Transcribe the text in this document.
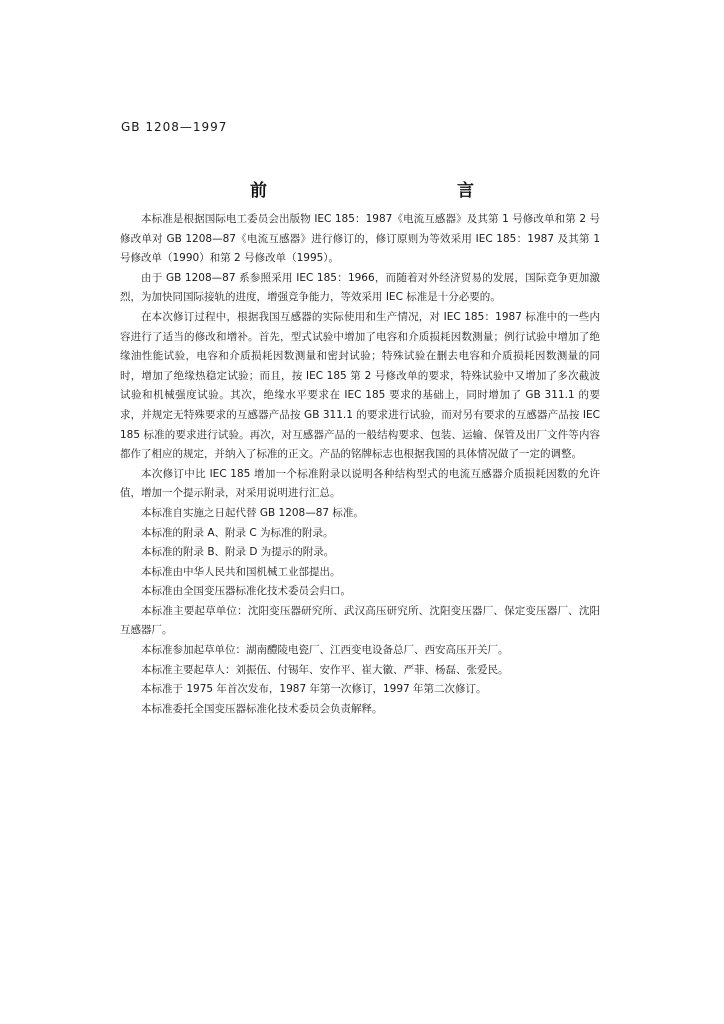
GB 1208—1997
前　　言

本标准是根据国际电工委员会出版物 IEC 185：1987《电流互感器》及其第 1 号修改单和第 2 号修改单对 GB 1208—87《电流互感器》进行修订的，修订原则为等效采用 IEC 185：1987 及其第 1 号修改单（1990）和第 2 号修改单（1995）。

由于 GB 1208—87 系参照采用 IEC 185：1966，而随着对外经济贸易的发展，国际竞争更加激烈，为加快同国际接轨的进度，增强竞争能力，等效采用 IEC 标准是十分必要的。

在本次修订过程中，根据我国互感器的实际使用和生产情况，对 IEC 185：1987 标准中的一些内容进行了适当的修改和增补。首先，型式试验中增加了电容和介质损耗因数测量；例行试验中增加了绝缘油性能试验，电容和介质损耗因数测量和密封试验；特殊试验在删去电容和介质损耗因数测量的同时，增加了绝缘热稳定试验；而且，按 IEC 185 第 2 号修改单的要求，特殊试验中又增加了多次截波试验和机械强度试验。其次，绝缘水平要求在 IEC 185 要求的基础上，同时增加了 GB 311.1 的要求，并规定无特殊要求的互感器产品按 GB 311.1 的要求进行试验，而对另有要求的互感器产品按 IEC 185 标准的要求进行试验。再次，对互感器产品的一般结构要求、包装、运输、保管及出厂文件等内容都作了相应的规定，并纳入了标准的正文。产品的铭牌标志也根据我国的具体情况做了一定的调整。

本次修订中比 IEC 185 增加一个标准附录以说明各种结构型式的电流互感器介质损耗因数的允许值，增加一个提示附录，对采用说明进行汇总。

本标准自实施之日起代替 GB 1208—87 标准。

本标准的附录 A、附录 C 为标准的附录。

本标准的附录 B、附录 D 为提示的附录。

本标准由中华人民共和国机械工业部提出。

本标准由全国变压器标准化技术委员会归口。

本标准主要起草单位：沈阳变压器研究所、武汉高压研究所、沈阳变压器厂、保定变压器厂、沈阳互感器厂。

本标准参加起草单位：湖南醴陵电瓷厂、江西变电设备总厂、西安高压开关厂。

本标准主要起草人：刘振伍、付锡年、安作平、崔大徽、严菲、杨磊、张爱民。

本标准于 1975 年首次发布，1987 年第一次修订，1997 年第二次修订。

本标准委托全国变压器标准化技术委员会负责解释。
